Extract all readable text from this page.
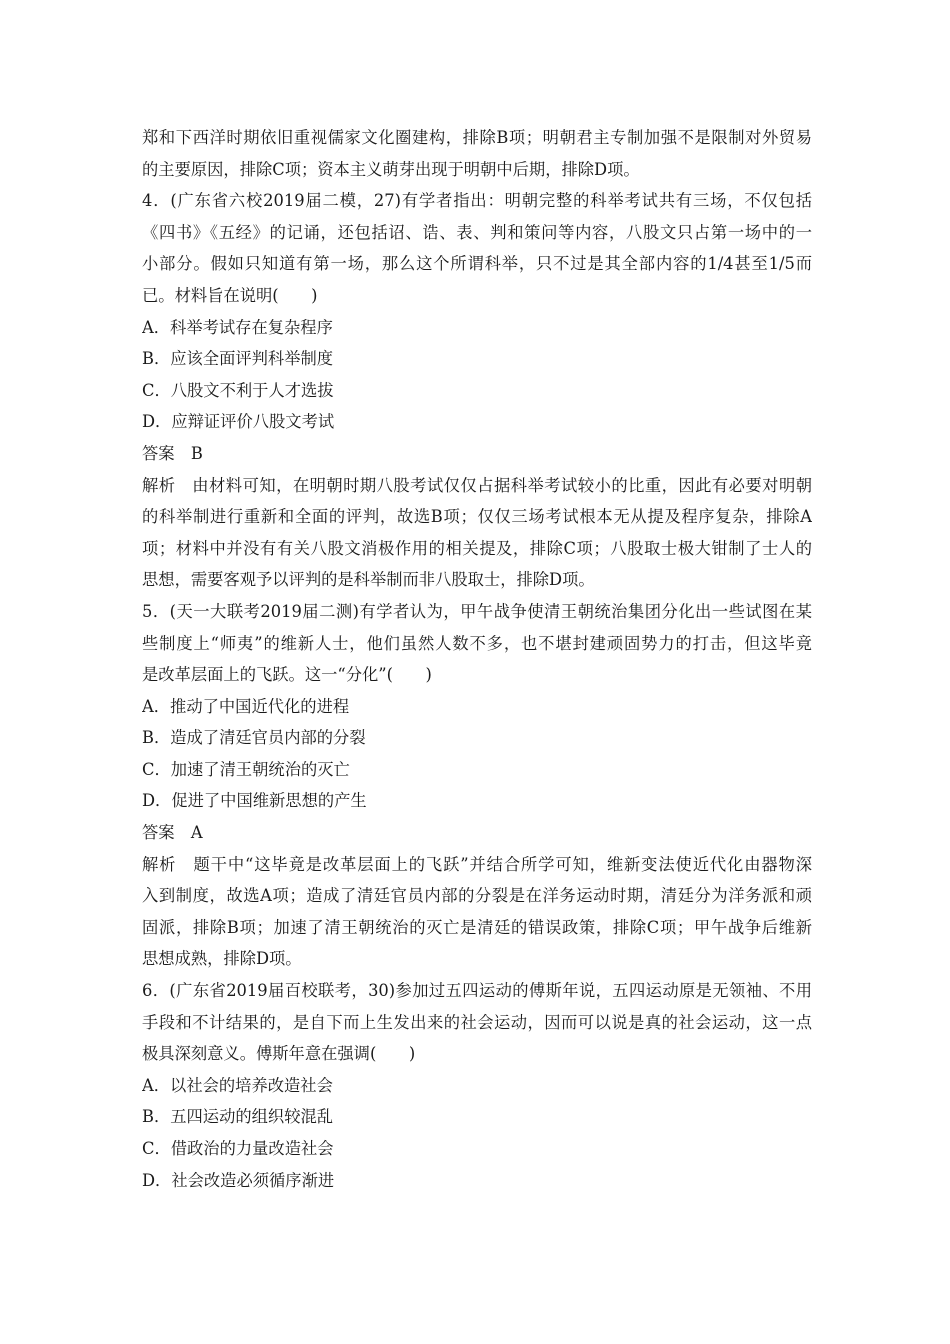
郑和下西洋时期依旧重视儒家文化圈建构，排除B项；明朝君主专制加强不是限制对外贸易
的主要原因，排除C项；资本主义萌芽出现于明朝中后期，排除D项。
4．(广东省六校2019届二模，27)有学者指出：明朝完整的科举考试共有三场，不仅包括
《四书》《五经》的记诵，还包括诏、诰、表、判和策问等内容，八股文只占第一场中的一
小部分。假如只知道有第一场，那么这个所谓科举，只不过是其全部内容的1/4甚至1/5而
已。材料旨在说明(　　)
A．科举考试存在复杂程序
B．应该全面评判科举制度
C．八股文不利于人才选拔
D．应辩证评价八股文考试
答案　B
解析　由材料可知，在明朝时期八股考试仅仅占据科举考试较小的比重，因此有必要对明朝
的科举制进行重新和全面的评判，故选B项；仅仅三场考试根本无从提及程序复杂，排除A
项；材料中并没有有关八股文消极作用的相关提及，排除C项；八股取士极大钳制了士人的
思想，需要客观予以评判的是科举制而非八股取士，排除D项。
5．(天一大联考2019届二测)有学者认为，甲午战争使清王朝统治集团分化出一些试图在某
些制度上“师夷”的维新人士，他们虽然人数不多，也不堪封建顽固势力的打击，但这毕竟
是改革层面上的飞跃。这一“分化”(　　)
A．推动了中国近代化的进程
B．造成了清廷官员内部的分裂
C．加速了清王朝统治的灭亡
D．促进了中国维新思想的产生
答案　A
解析　题干中“这毕竟是改革层面上的飞跃”并结合所学可知，维新变法使近代化由器物深
入到制度，故选A项；造成了清廷官员内部的分裂是在洋务运动时期，清廷分为洋务派和顽
固派，排除B项；加速了清王朝统治的灭亡是清廷的错误政策，排除C项；甲午战争后维新
思想成熟，排除D项。
6．(广东省2019届百校联考，30)参加过五四运动的傅斯年说，五四运动原是无领袖、不用
手段和不计结果的，是自下而上生发出来的社会运动，因而可以说是真的社会运动，这一点
极具深刻意义。傅斯年意在强调(　　)
A．以社会的培养改造社会
B．五四运动的组织较混乱
C．借政治的力量改造社会
D．社会改造必须循序渐进
